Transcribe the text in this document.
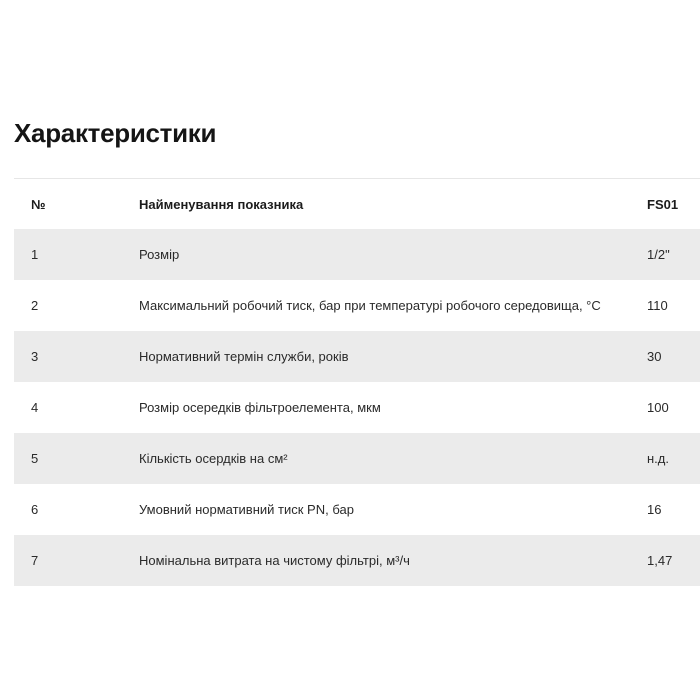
Характеристики
№	Найменування показника	FS01
1	Розмір	1/2"
2	Максимальний робочий тиск, бар при температурі робочого середовища, °C	110
3	Нормативний термін служби, років	30
4	Розмір осередків фільтроелемента, мкм	100
5	Кількість осердків на см²	н.д.
6	Умовний нормативний тиск PN, бар	16
7	Номінальна витрата на чистому фільтрі, м³/ч	1,47
